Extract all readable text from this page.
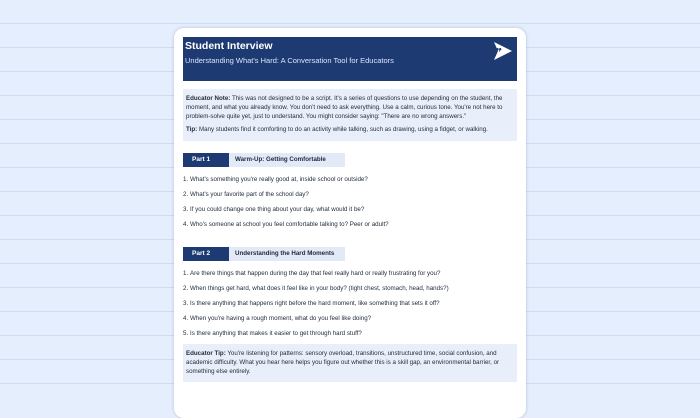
Student Interview
Understanding What's Hard: A Conversation Tool for Educators

Educator Note: This was not designed to be a script. It's a series of questions to use depending on the student, the moment, and what you already know. You don't need to ask everything. Use a calm, curious tone. You're not here to problem-solve quite yet, just to understand. You might consider saying: "There are no wrong answers."

Tip: Many students find it comforting to do an activity while talking, such as drawing, using a fidget, or walking.

Part 1	Warm-Up: Getting Comfortable
1. What's something you're really good at, inside school or outside?
2. What's your favorite part of the school day?
3. If you could change one thing about your day, what would it be?
4. Who's someone at school you feel comfortable talking to? Peer or adult?
Part 2	Understanding the Hard Moments
1. Are there things that happen during the day that feel really hard or really frustrating for you?
2. When things get hard, what does it feel like in your body? (tight chest, stomach, head, hands?)
3. Is there anything that happens right before the hard moment, like something that sets it off?
4. When you're having a rough moment, what do you feel like doing?
5. Is there anything that makes it easier to get through hard stuff?
Educator Tip: You're listening for patterns: sensory overload, transitions, unstructured time, social confusion, and academic difficulty. What you hear here helps you figure out whether this is a skill gap, an environmental barrier, or something else entirely.
